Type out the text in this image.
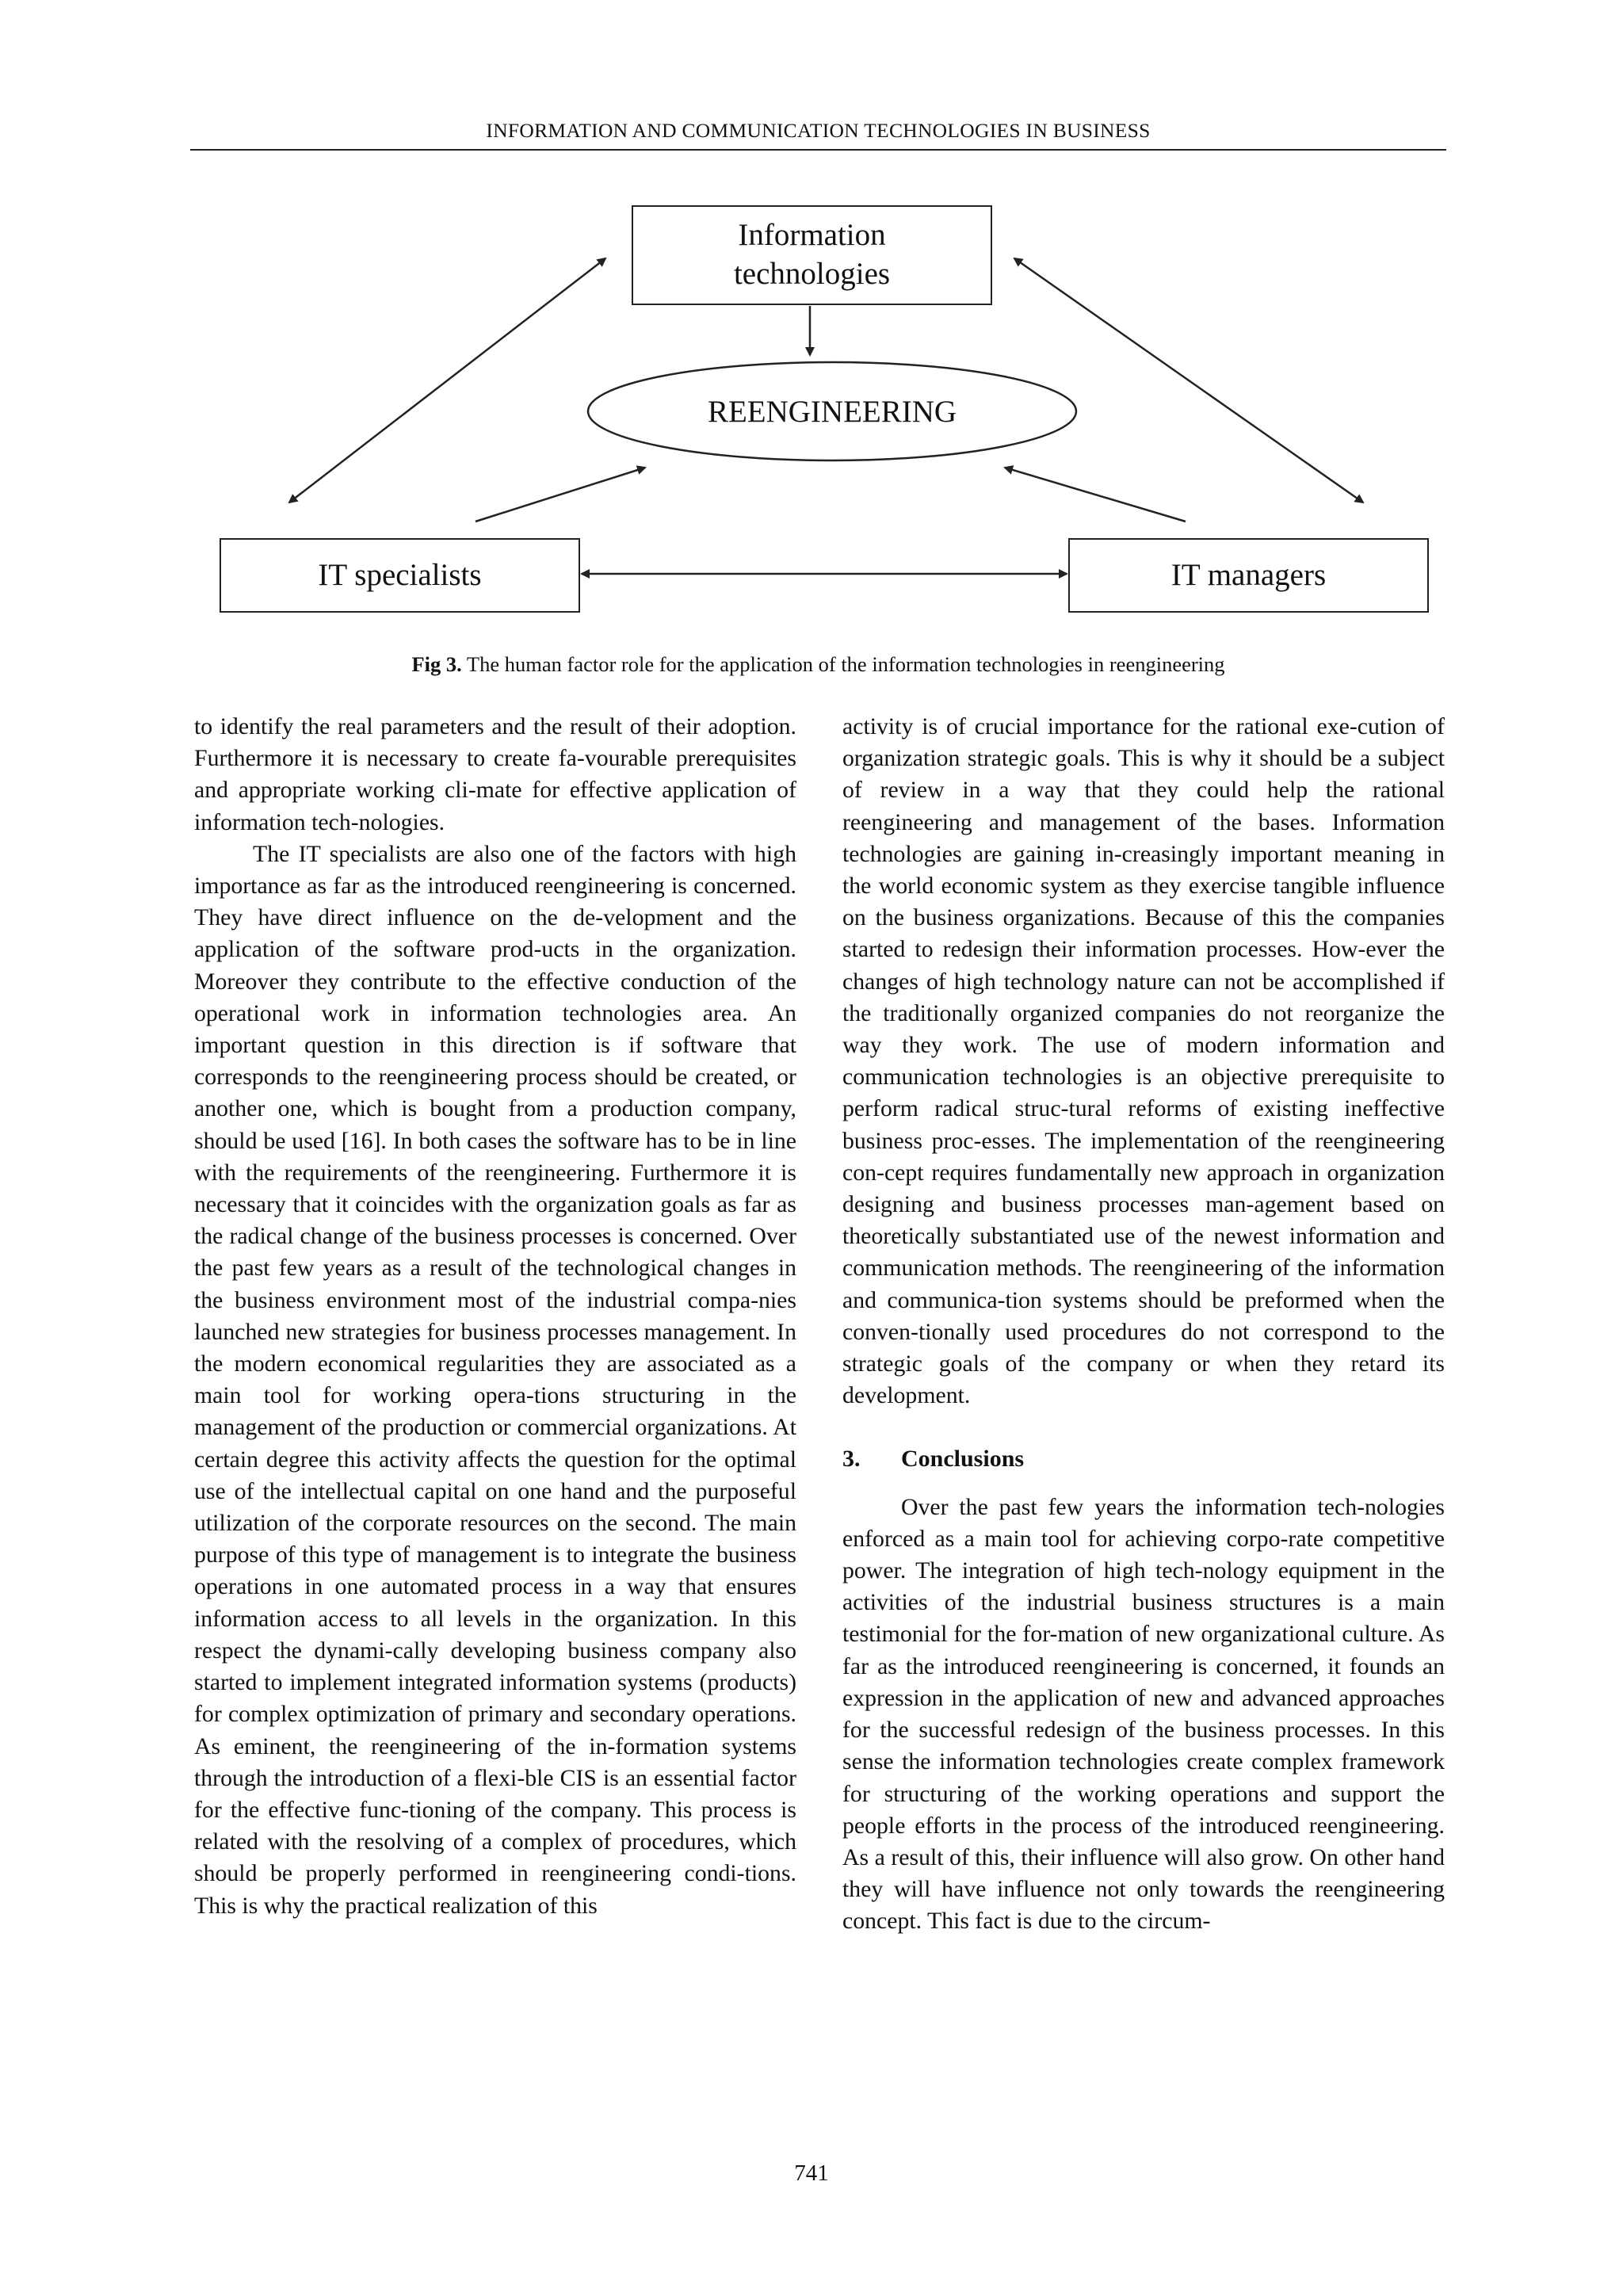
INFORMATION AND COMMUNICATION TECHNOLOGIES IN BUSINESS
Information technologies
REENGINEERING
IT specialists	IT managers
Fig 3. The human factor role for the application of the information technologies in reengineering

to identify the real parameters and the result of their adoption. Furthermore it is necessary to create fa-vourable prerequisites and appropriate working cli-mate for effective application of information tech-nologies.

The IT specialists are also one of the factors with high importance as far as the introduced reengineering is concerned. They have direct influence on the de-velopment and the application of the software prod-ucts in the organization. Moreover they contribute to the effective conduction of the operational work in information technologies area. An important question in this direction is if software that corresponds to the reengineering process should be created, or another one, which is bought from a production company, should be used [16]. In both cases the software has to be in line with the requirements of the reengineering. Furthermore it is necessary that it coincides with the organization goals as far as the radical change of the business processes is concerned. Over the past few years as a result of the technological changes in the business environment most of the industrial compa-nies launched new strategies for business processes management. In the modern economical regularities they are associated as a main tool for working opera-tions structuring in the management of the production or commercial organizations. At certain degree this activity affects the question for the optimal use of the intellectual capital on one hand and the purposeful utilization of the corporate resources on the second. The main purpose of this type of management is to integrate the business operations in one automated process in a way that ensures information access to all levels in the organization. In this respect the dynami-cally developing business company also started to implement integrated information systems (products) for complex optimization of primary and secondary operations. As eminent, the reengineering of the in-formation systems through the introduction of a flexi-ble CIS is an essential factor for the effective func-tioning of the company. This process is related with the resolving of a complex of procedures, which should be properly performed in reengineering condi-tions. This is why the practical realization of this

activity is of crucial importance for the rational exe-cution of organization strategic goals. This is why it should be a subject of review in a way that they could help the rational reengineering and management of the bases. Information technologies are gaining in-creasingly important meaning in the world economic system as they exercise tangible influence on the business organizations. Because of this the companies started to redesign their information processes. How-ever the changes of high technology nature can not be accomplished if the traditionally organized companies do not reorganize the way they work. The use of modern information and communication technologies is an objective prerequisite to perform radical struc-tural reforms of existing ineffective business proc-esses. The implementation of the reengineering con-cept requires fundamentally new approach in organization designing and business processes man-agement based on theoretically substantiated use of the newest information and communication methods. The reengineering of the information and communica-tion systems should be preformed when the conven-tionally used procedures do not correspond to the strategic goals of the company or when they retard its development.

3. Conclusions

Over the past few years the information tech-nologies enforced as a main tool for achieving corpo-rate competitive power. The integration of high tech-nology equipment in the activities of the industrial business structures is a main testimonial for the for-mation of new organizational culture. As far as the introduced reengineering is concerned, it founds an expression in the application of new and advanced approaches for the successful redesign of the business processes. In this sense the information technologies create complex framework for structuring of the working operations and support the people efforts in the process of the introduced reengineering. As a result of this, their influence will also grow. On other hand they will have influence not only towards the reengineering concept. This fact is due to the circum-

741
